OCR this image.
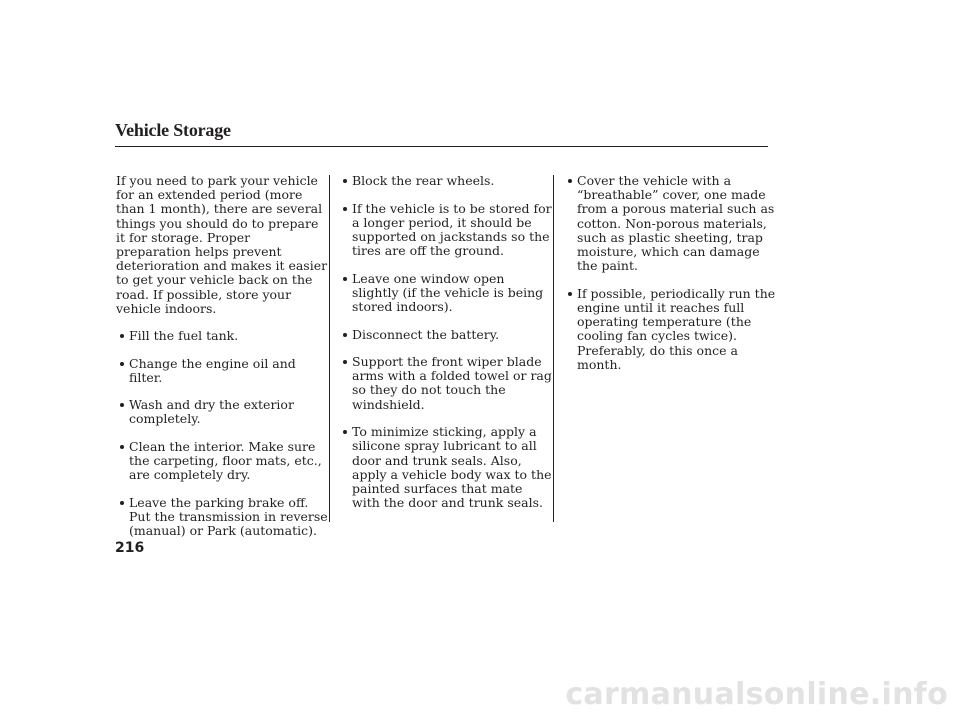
Vehicle Storage

If you need to park your vehicle for an extended period (more than 1 month), there are several things you should do to prepare it for storage. Proper preparation helps prevent deterioration and makes it easier to get your vehicle back on the road. If possible, store your vehicle indoors.

Fill the fuel tank.
Change the engine oil and filter.
Wash and dry the exterior completely.
Clean the interior. Make sure the carpeting, floor mats, etc., are completely dry.
Leave the parking brake off. Put the transmission in reverse (manual) or Park (automatic).
Block the rear wheels.
If the vehicle is to be stored for a longer period, it should be supported on jackstands so the tires are off the ground.
Leave one window open slightly (if the vehicle is being stored indoors).
Disconnect the battery.
Support the front wiper blade arms with a folded towel or rag so they do not touch the windshield.
To minimize sticking, apply a silicone spray lubricant to all door and trunk seals. Also, apply a vehicle body wax to the painted surfaces that mate with the door and trunk seals.
Cover the vehicle with a “breathable” cover, one made from a porous material such as cotton. Non-porous materials, such as plastic sheeting, trap moisture, which can damage the paint.
If possible, periodically run the engine until it reaches full operating temperature (the cooling fan cycles twice). Preferably, do this once a month.
216
carmanualsonline.info
